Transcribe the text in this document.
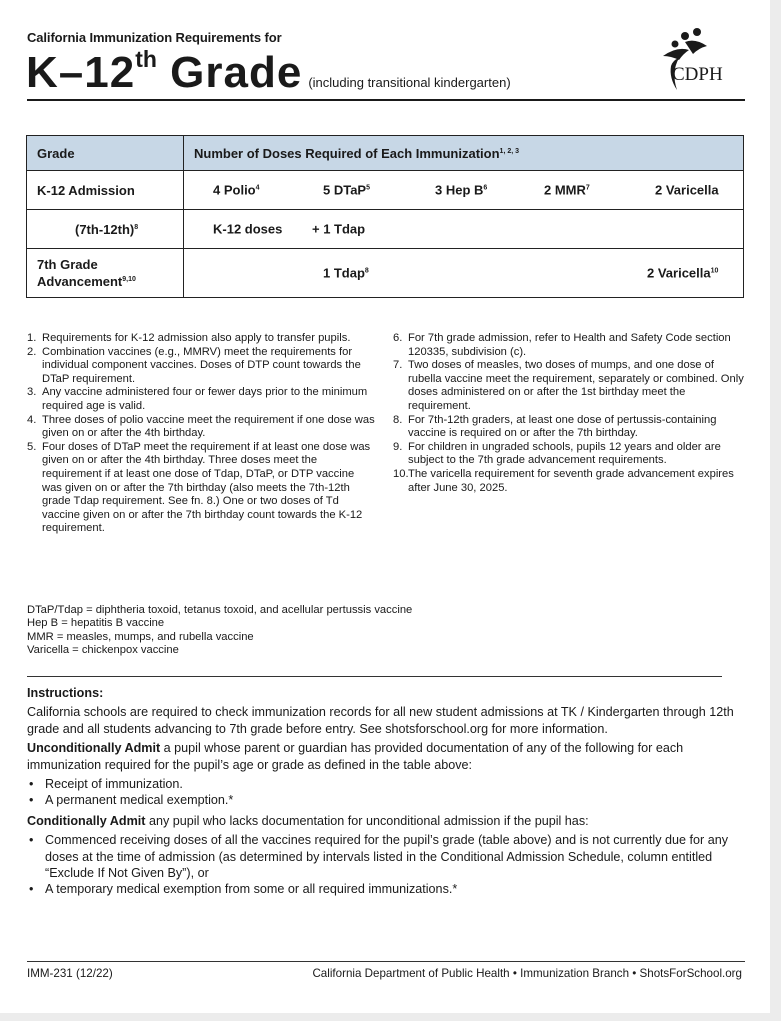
California Immunization Requirements for
K–12th Grade (including transitional kindergarten)	CDPH
Grade	Number of Doses Required of Each Immunization$^{1, 2, 3}$

K-12 Admission	4 Polio$^4$ 5 DTaP$^5$ 3 Hep $B^6$ 2 MMR$^7$ 2 Varicella

$(7th-12th)^8$	K-12 doses + 1 Tdap

7th Grade
Advancement$^{9,10}$	1 Tdap$^8$ 2 Varicella$^{10}$
1. Requirements for K-12 admission also apply to transfer pupils.
2. Combination vaccines (e.g., MMRV) meet the requirements for individual component vaccines. Doses of DTP count towards the DTaP requirement.
3. Any vaccine administered four or fewer days prior to the minimum required age is valid.
4. Three doses of polio vaccine meet the requirement if one dose was given on or after the 4th birthday.
5. Four doses of DTaP meet the requirement if at least one dose was given on or after the 4th birthday. Three doses meet the requirement if at least one dose of Tdap, DTaP, or DTP vaccine was given on or after the 7th birthday (also meets the 7th-12th grade Tdap requirement. See fn. 8.) One or two doses of Td vaccine given on or after the 7th birthday count towards the K-12 requirement.
6. For 7th grade admission, refer to Health and Safety Code section 120335, subdivision (c).
7. Two doses of measles, two doses of mumps, and one dose of rubella vaccine meet the requirement, separately or combined. Only doses administered on or after the 1st birthday meet the requirement.
8. For 7th-12th graders, at least one dose of pertussis-containing vaccine is required on or after the 7th birthday.
9. For children in ungraded schools, pupils 12 years and older are subject to the 7th grade advancement requirements.
10. The varicella requirement for seventh grade advancement expires after June 30, 2025.
DTaP/Tdap = diphtheria toxoid, tetanus toxoid, and acellular pertussis vaccine
Hep B = hepatitis B vaccine
MMR = measles, mumps, and rubella vaccine
Varicella = chickenpox vaccine

Instructions:

California schools are required to check immunization records for all new student admissions at TK / Kindergarten through 12th grade and all students advancing to 7th grade before entry. See shotsforschool.org for more information.

Unconditionally Admit a pupil whose parent or guardian has provided documentation of any of the following for each immunization required for the pupil’s age or grade as defined in the table above:

• Receipt of immunization.
• A permanent medical exemption.*

Conditionally Admit any pupil who lacks documentation for unconditional admission if the pupil has:

• Commenced receiving doses of all the vaccines required for the pupil’s grade (table above) and is not currently due for any doses at the time of admission (as determined by intervals listed in the Conditional Admission Schedule, column entitled “Exclude If Not Given By”), or
• A temporary medical exemption from some or all required immunizations.*
IMM-231 (12/22)	California Department of Public Health • Immunization Branch • ShotsForSchool.org
